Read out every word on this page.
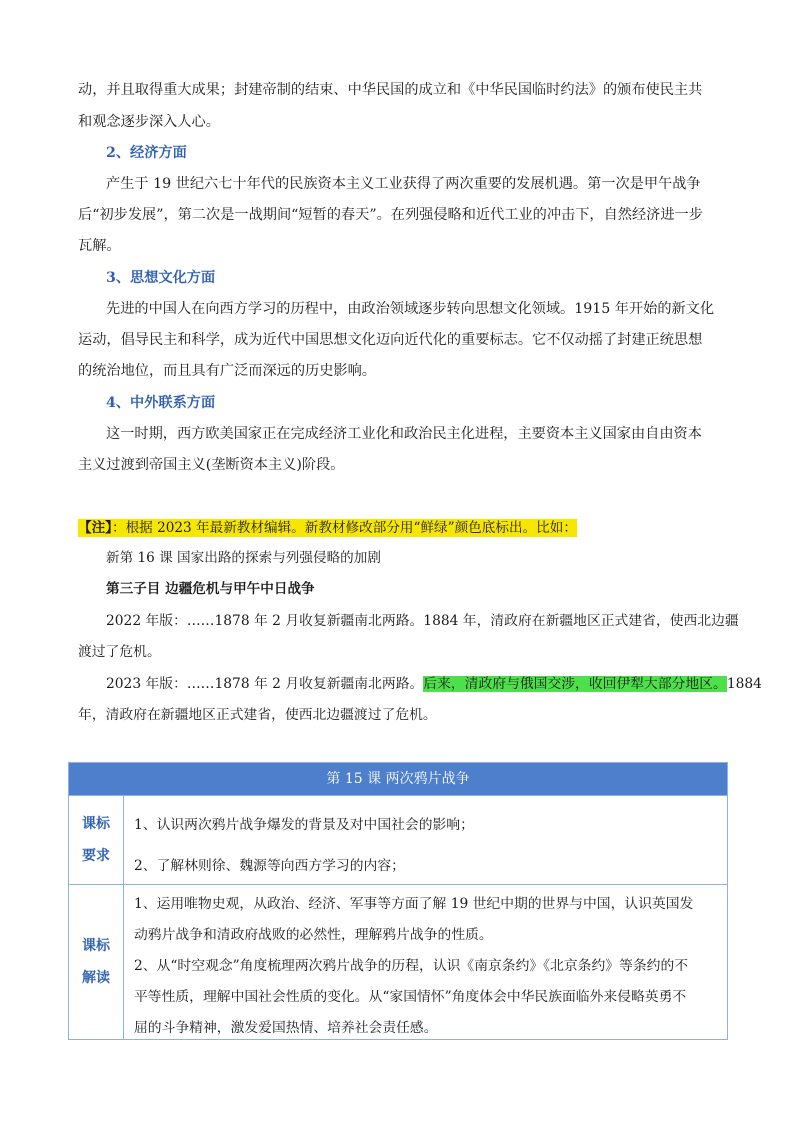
动，并且取得重大成果；封建帝制的结束、中华民国的成立和《中华民国临时约法》的颁布使民主共
和观念逐步深入人心。
2、经济方面
产生于 19 世纪六七十年代的民族资本主义工业获得了两次重要的发展机遇。第一次是甲午战争
后“初步发展”，第二次是一战期间“短暂的春天”。在列强侵略和近代工业的冲击下，自然经济进一步
瓦解。
3、思想文化方面
先进的中国人在向西方学习的历程中，由政治领域逐步转向思想文化领域。1915 年开始的新文化
运动，倡导民主和科学，成为近代中国思想文化迈向近代化的重要标志。它不仅动摇了封建正统思想
的统治地位，而且具有广泛而深远的历史影响。
4、中外联系方面
这一时期，西方欧美国家正在完成经济工业化和政治民主化进程，主要资本主义国家由自由资本
主义过渡到帝国主义(垄断资本主义)阶段。
【注】：根据 2023 年最新教材编辑。新教材修改部分用“鲜绿”颜色底标出。比如：
新第 16 课 国家出路的探索与列强侵略的加剧
第三子目 边疆危机与甲午中日战争
2022 年版：……1878 年 2 月收复新疆南北两路。1884 年，清政府在新疆地区正式建省，使西北边疆
渡过了危机。
2023 年版：……1878 年 2 月收复新疆南北两路。后来，清政府与俄国交涉，收回伊犁大部分地区。1884
年，清政府在新疆地区正式建省，使西北边疆渡过了危机。
第 15 课 两次鸦片战争
课标
要求

1、认识两次鸦片战争爆发的背景及对中国社会的影响；

2、了解林则徐、魏源等向西方学习的内容；

课标
解读

1、运用唯物史观，从政治、经济、军事等方面了解 19 世纪中期的世界与中国，认识英国发

动鸦片战争和清政府战败的必然性，理解鸦片战争的性质。

2、从“时空观念”角度梳理两次鸦片战争的历程，认识《南京条约》《北京条约》等条约的不

平等性质，理解中国社会性质的变化。从“家国情怀”角度体会中华民族面临外来侵略英勇不

屈的斗争精神，激发爱国热情、培养社会责任感。
